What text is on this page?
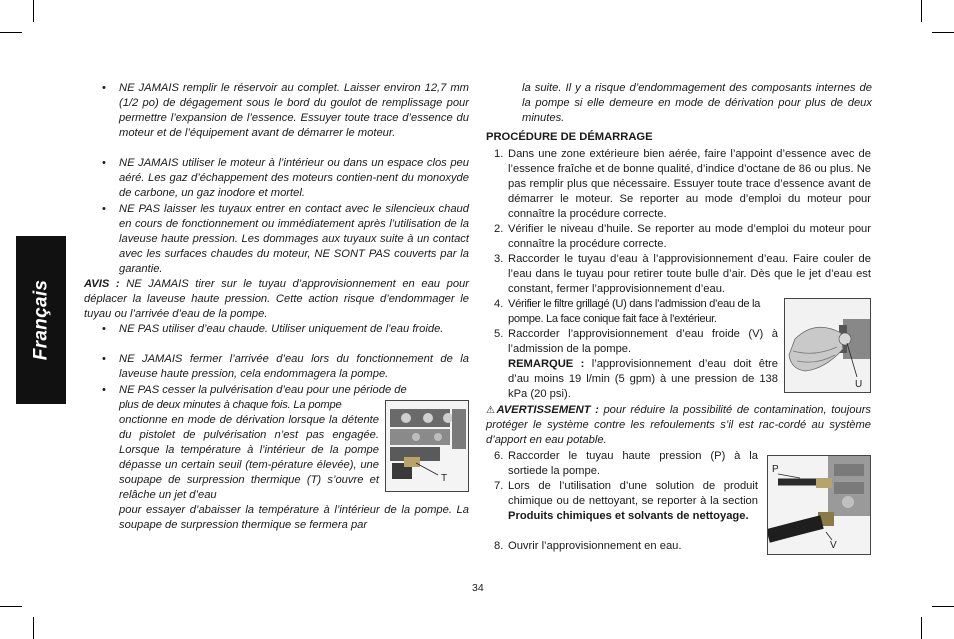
Français
• NE JAMAIS remplir le réservoir au complet. Laisser environ 12,7 mm (1/2 po) de dégagement sous le bord du goulot de remplissage pour permettre l’expansion de l’essence. Essuyer toute trace d’essence du moteur et de l’équipement avant de démarrer le moteur.
• NE JAMAIS utiliser le moteur à l’intérieur ou dans un espace clos peu aéré. Les gaz d’échappement des moteurs contien-nent du monoxyde de carbone, un gaz inodore et mortel.
• NE PAS laisser les tuyaux entrer en contact avec le silencieux chaud en cours de fonctionnement ou immédiatement après l’utilisation de la laveuse haute pression. Les dommages aux tuyaux suite à un contact avec les surfaces chaudes du moteur, NE SONT PAS couverts par la garantie.
AVIS : NE JAMAIS tirer sur le tuyau d’approvisionnement en eau pour déplacer la laveuse haute pression. Cette action risque d’endommager le tuyau ou l’arrivée d’eau de la pompe.
• NE PAS utiliser d’eau chaude. Utiliser uniquement de l’eau froide.
• NE JAMAIS fermer l’arrivée d’eau lors du fonctionnement de la laveuse haute pression, cela endommagera la pompe.
• NE PAS cesser la pulvérisation d’eau pour une période de
plus de deux minutes à chaque fois. La pompe
onctionne en mode de dérivation lorsque la détente du pistolet de pulvérisation n’est pas engagée. Lorsque la température à l’intérieur de la pompe dépasse un certain seuil (tem-pérature élevée), une soupape de surpression thermique (T) s’ouvre et relâche un jet d’eau
pour essayer d’abaisser la température à l’intérieur de la pompe. La soupape de surpression thermique se fermera par
T
la suite. Il y a risque d’endommagement des composants internes de la pompe si elle demeure en mode de dérivation pour plus de deux minutes.
PROCÉDURE DE DÉMARRAGE
1. Dans une zone extérieure bien aérée, faire l’appoint d’essence avec de l’essence fraîche et de bonne qualité, d’indice d’octane de 86 ou plus. Ne pas remplir plus que nécessaire. Essuyer toute trace d’essence avant de démarrer le moteur. Se reporter au mode d’emploi du moteur pour connaître la procédure correcte.
2. Vérifier le niveau d’huile. Se reporter au mode d’emploi du moteur pour connaître la procédure correcte.
3. Raccorder le tuyau d’eau à l’approvisionnement d’eau. Faire couler de l’eau dans le tuyau pour retirer toute bulle d’air. Dès que le jet d’eau est constant, fermer l’approvisionnement d’eau.
4. Vérifier le filtre grillagé (U) dans l’admission d’eau de la pompe. La face conique fait face à l’extérieur.
5. Raccorder l’approvisionnement d’eau froide (V) à l’admission de la pompe.
REMARQUE : l’approvisionnement d’eau doit être d’au moins 19 l/min (5 gpm) à une pression de 138 kPa (20 psi).
U
⚠AVERTISSEMENT : pour réduire la possibilité de contamination, toujours protéger le système contre les refoulements s’il est rac-cordé au système d’apport en eau potable.
6. Raccorder le tuyau haute pression (P) à la sortiede la pompe.
7. Lors de l’utilisation d’une solution de produit chimique ou de nettoyant, se reporter à la section Produits chimiques et solvants de nettoyage.
8. Ouvrir l’approvisionnement en eau.
P
V
34
